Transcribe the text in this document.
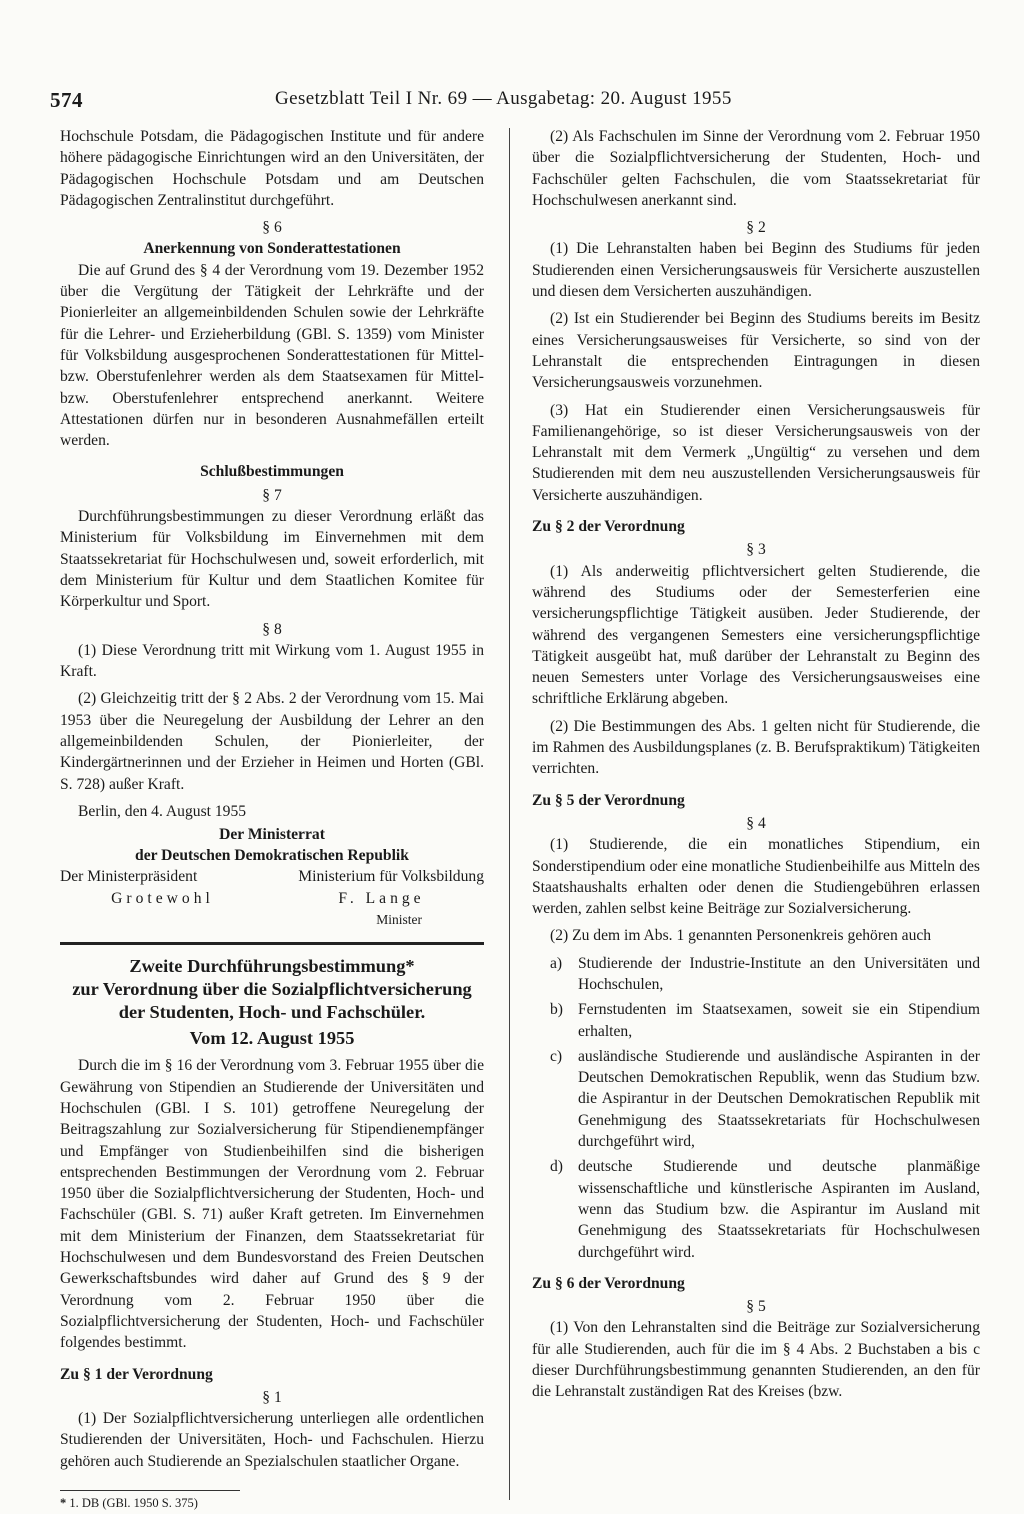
574	Gesetzblatt Teil I Nr. 69 — Ausgabetag: 20. August 1955

Hochschule Potsdam, die Pädagogischen Institute und für andere höhere pädagogische Einrichtungen wird an den Universitäten, der Pädagogischen Hochschule Potsdam und am Deutschen Pädagogischen Zentralinstitut durchgeführt.

§ 6

Anerkennung von Sonderattestationen

Die auf Grund des § 4 der Verordnung vom 19. Dezember 1952 über die Vergütung der Tätigkeit der Lehrkräfte und der Pionierleiter an allgemeinbildenden Schulen sowie der Lehrkräfte für die Lehrer- und Erzieherbildung (GBl. S. 1359) vom Minister für Volksbildung ausgesprochenen Sonderattestationen für Mittel- bzw. Oberstufenlehrer werden als dem Staatsexamen für Mittel- bzw. Oberstufenlehrer entsprechend anerkannt. Weitere Attestationen dürfen nur in besonderen Ausnahmefällen erteilt werden.

Schlußbestimmungen

§ 7

Durchführungsbestimmungen zu dieser Verordnung erläßt das Ministerium für Volksbildung im Einvernehmen mit dem Staatssekretariat für Hochschulwesen und, soweit erforderlich, mit dem Ministerium für Kultur und dem Staatlichen Komitee für Körperkultur und Sport.

§ 8

(1) Diese Verordnung tritt mit Wirkung vom 1. August 1955 in Kraft.

(2) Gleichzeitig tritt der § 2 Abs. 2 der Verordnung vom 15. Mai 1953 über die Neuregelung der Ausbildung der Lehrer an den allgemeinbildenden Schulen, der Pionierleiter, der Kindergärtnerinnen und der Erzieher in Heimen und Horten (GBl. S. 728) außer Kraft.

Berlin, den 4. August 1955

Der Ministerrat

der Deutschen Demokratischen Republik

Der Ministerpräsident	Ministerium für Volksbildung
Grotewohl	F. Lange

Minister

Zweite Durchführungsbestimmung*

zur Verordnung über die Sozialpflichtversicherung

der Studenten, Hoch- und Fachschüler.

Vom 12. August 1955

Durch die im § 16 der Verordnung vom 3. Februar 1955 über die Gewährung von Stipendien an Studierende der Universitäten und Hochschulen (GBl. I S. 101) getroffene Neuregelung der Beitragszahlung zur Sozialversicherung für Stipendienempfänger und Empfänger von Studienbeihilfen sind die bisherigen entsprechenden Bestimmungen der Verordnung vom 2. Februar 1950 über die Sozialpflichtversicherung der Studenten, Hoch- und Fachschüler (GBl. S. 71) außer Kraft getreten. Im Einvernehmen mit dem Ministerium der Finanzen, dem Staatssekretariat für Hochschulwesen und dem Bundesvorstand des Freien Deutschen Gewerkschaftsbundes wird daher auf Grund des § 9 der Verordnung vom 2. Februar 1950 über die Sozialpflichtversicherung der Studenten, Hoch- und Fachschüler folgendes bestimmt.

Zu § 1 der Verordnung

§ 1

(1) Der Sozialpflichtversicherung unterliegen alle ordentlichen Studierenden der Universitäten, Hoch- und Fachschulen. Hierzu gehören auch Studierende an Spezialschulen staatlicher Organe.

* 1. DB (GBl. 1950 S. 375)

(2) Als Fachschulen im Sinne der Verordnung vom 2. Februar 1950 über die Sozialpflichtversicherung der Studenten, Hoch- und Fachschüler gelten Fachschulen, die vom Staatssekretariat für Hochschulwesen anerkannt sind.

§ 2

(1) Die Lehranstalten haben bei Beginn des Studiums für jeden Studierenden einen Versicherungsausweis für Versicherte auszustellen und diesen dem Versicherten auszuhändigen.

(2) Ist ein Studierender bei Beginn des Studiums bereits im Besitz eines Versicherungsausweises für Versicherte, so sind von der Lehranstalt die entsprechenden Eintragungen in diesen Versicherungsausweis vorzunehmen.

(3) Hat ein Studierender einen Versicherungsausweis für Familienangehörige, so ist dieser Versicherungsausweis von der Lehranstalt mit dem Vermerk „Ungültig“ zu versehen und dem Studierenden mit dem neu auszustellenden Versicherungsausweis für Versicherte auszuhändigen.

Zu § 2 der Verordnung

§ 3

(1) Als anderweitig pflichtversichert gelten Studierende, die während des Studiums oder der Semesterferien eine versicherungspflichtige Tätigkeit ausüben. Jeder Studierende, der während des vergangenen Semesters eine versicherungspflichtige Tätigkeit ausgeübt hat, muß darüber der Lehranstalt zu Beginn des neuen Semesters unter Vorlage des Versicherungsausweises eine schriftliche Erklärung abgeben.

(2) Die Bestimmungen des Abs. 1 gelten nicht für Studierende, die im Rahmen des Ausbildungsplanes (z. B. Berufspraktikum) Tätigkeiten verrichten.

Zu § 5 der Verordnung

§ 4

(1) Studierende, die ein monatliches Stipendium, ein Sonderstipendium oder eine monatliche Studienbeihilfe aus Mitteln des Staatshaushalts erhalten oder denen die Studiengebühren erlassen werden, zahlen selbst keine Beiträge zur Sozialversicherung.

(2) Zu dem im Abs. 1 genannten Personenkreis gehören auch

a)	Studierende der Industrie-Institute an den Universitäten und Hochschulen,
b) Fernstudenten im Staatsexamen, soweit sie ein Stipendium erhalten,
c)	ausländische Studierende und ausländische Aspiranten in der Deutschen Demokratischen Republik, wenn das Studium bzw. die Aspirantur in der Deutschen Demokratischen Republik mit Genehmigung des Staatssekretariats für Hochschulwesen durchgeführt wird,
d) deutsche Studierende und deutsche planmäßige wissenschaftliche und künstlerische Aspiranten im Ausland, wenn das Studium bzw. die Aspirantur im Ausland mit Genehmigung des Staatssekretariats für Hochschulwesen durchgeführt wird.

Zu § 6 der Verordnung

§ 5

(1) Von den Lehranstalten sind die Beiträge zur Sozialversicherung für alle Studierenden, auch für die im § 4 Abs. 2 Buchstaben a bis c dieser Durchführungsbestimmung genannten Studierenden, an den für die Lehranstalt zuständigen Rat des Kreises (bzw.
